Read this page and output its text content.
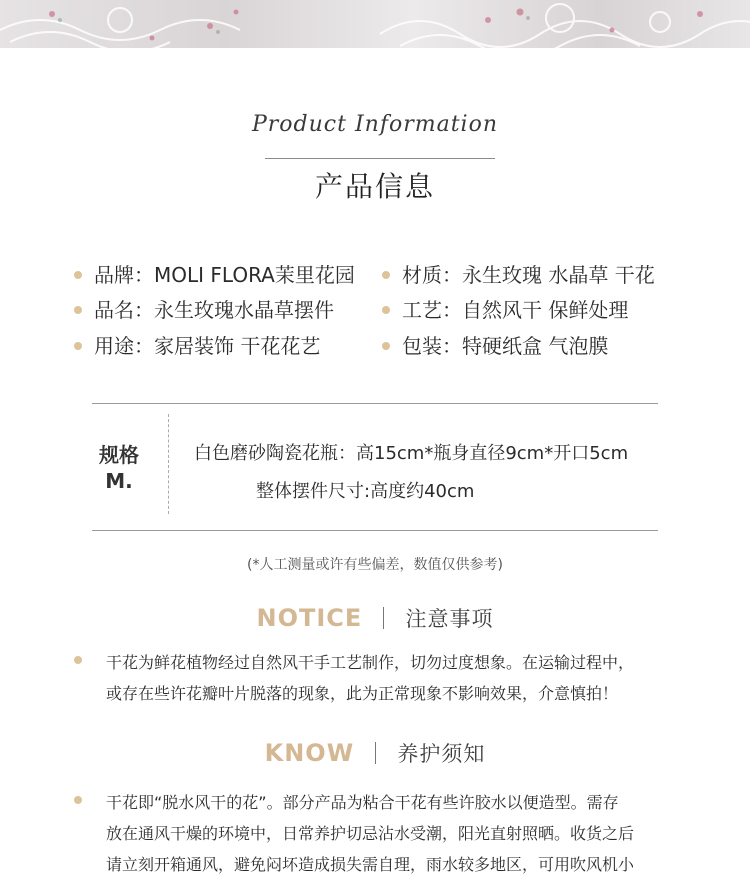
Product Information
产品信息
品牌：MOLI FLORA茉里花园 材质：永生玫瑰 水晶草 干花
品名：永生玫瑰水晶草摆件	工艺：自然风干 保鲜处理
用途：家居装饰 干花花艺	包装：特硬纸盒 气泡膜
规格
M.
白色磨砂陶瓷花瓶：高15cm*瓶身直径9cm*开口5cm
整体摆件尺寸:高度约40cm
(*人工测量或许有些偏差，数值仅供参考)
NOTICE 注意事项
干花为鲜花植物经过自然风干手工艺制作，切勿过度想象。在运输过程中，
或存在些许花瓣叶片脱落的现象，此为正常现象不影响效果，介意慎拍！
KNOW 养护须知
干花即“脱水风干的花”。部分产品为粘合干花有些许胶水以便造型。需存
放在通风干燥的环境中，日常养护切忌沾水受潮，阳光直射照晒。收货之后
请立刻开箱通风，避免闷坏造成损失需自理，雨水较多地区，可用吹风机小
